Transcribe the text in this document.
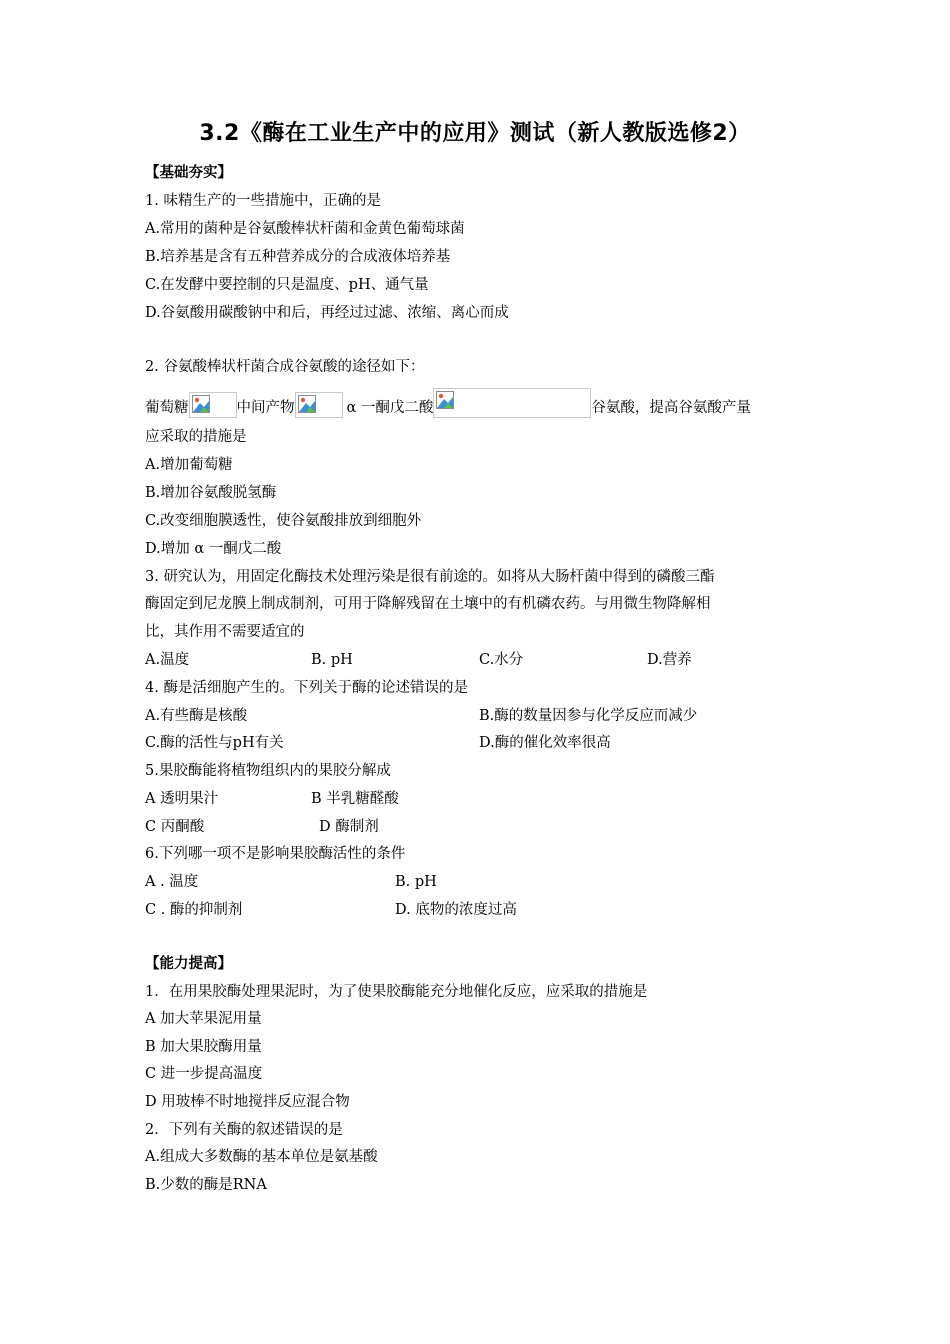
3.2《酶在工业生产中的应用》测试（新人教版选修2）
【基础夯实】
1. 味精生产的一些措施中，正确的是
A.常用的菌种是谷氨酸棒状杆菌和金黄色葡萄球菌
B.培养基是含有五种营养成分的合成液体培养基
C.在发酵中要控制的只是温度、pH、通气量
D.谷氨酸用碳酸钠中和后，再经过过滤、浓缩、离心而成
2. 谷氨酸棒状杆菌合成谷氨酸的途径如下：
葡萄糖	中间产物	α 一酮戊二酸	谷氨酸，提高谷氨酸产量
应采取的措施是
A.增加葡萄糖
B.增加谷氨酸脱氢酶
C.改变细胞膜透性，使谷氨酸排放到细胞外
D.增加 α 一酮戊二酸
3. 研究认为，用固定化酶技术处理污染是很有前途的。如将从大肠杆菌中得到的磷酸三酯
酶固定到尼龙膜上制成制剂，可用于降解残留在土壤中的有机磷农药。与用微生物降解相
比，其作用不需要适宜的
A.温度	B. pH	C.水分	D.营养
4. 酶是活细胞产生的。下列关于酶的论述错误的是
A.有些酶是核酸	B.酶的数量因参与化学反应而减少
C.酶的活性与pH有关	D.酶的催化效率很高
5.果胶酶能将植物组织内的果胶分解成
A 透明果汁	B 半乳糖醛酸
C 丙酮酸	D 酶制剂
6.下列哪一项不是影响果胶酶活性的条件
A . 温度	B. pH
C . 酶的抑制剂	D. 底物的浓度过高
【能力提高】
1．在用果胶酶处理果泥时，为了使果胶酶能充分地催化反应，应采取的措施是
A 加大苹果泥用量
B 加大果胶酶用量
C 进一步提高温度
D 用玻棒不时地搅拌反应混合物
2．下列有关酶的叙述错误的是
A.组成大多数酶的基本单位是氨基酸
B.少数的酶是RNA
